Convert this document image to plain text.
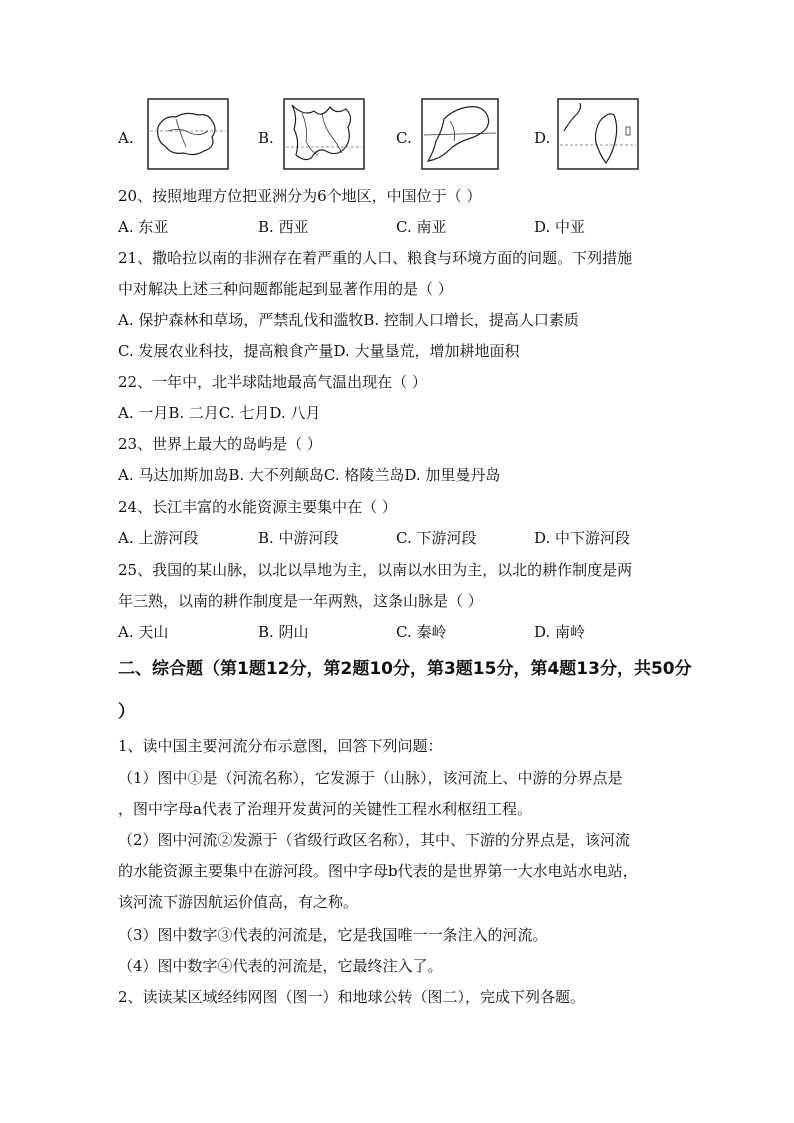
A.	B.	C.	D.
20、按照地理方位把亚洲分为6个地区，中国位于（ ）
A. 东亚	B. 西亚	C. 南亚	D. 中亚
21、撒哈拉以南的非洲存在着严重的人口、粮食与环境方面的问题。下列措施
中对解决上述三种问题都能起到显著作用的是（ ）
A. 保护森林和草场，严禁乱伐和滥牧B. 控制人口增长，提高人口素质
C. 发展农业科技，提高粮食产量D. 大量垦荒，增加耕地面积
22、一年中，北半球陆地最高气温出现在（ ）
A. 一月B. 二月C. 七月D. 八月
23、世界上最大的岛屿是（ ）
A. 马达加斯加岛B. 大不列颠岛C. 格陵兰岛D. 加里曼丹岛
24、长江丰富的水能资源主要集中在（ ）
A. 上游河段	B. 中游河段	C. 下游河段	D. 中下游河段
25、我国的某山脉，以北以旱地为主，以南以水田为主，以北的耕作制度是两
年三熟，以南的耕作制度是一年两熟，这条山脉是（ ）
A. 天山	B. 阴山	C. 秦岭	D. 南岭
二、综合题（第1题12分，第2题10分，第3题15分，第4题13分，共50分
）
1、读中国主要河流分布示意图，回答下列问题：
（1）图中①是（河流名称），它发源于（山脉），该河流上、中游的分界点是
，图中字母a代表了治理开发黄河的关键性工程水利枢纽工程。
（2）图中河流②发源于（省级行政区名称），其中、下游的分界点是，该河流
的水能资源主要集中在游河段。图中字母b代表的是世界第一大水电站水电站，
该河流下游因航运价值高，有之称。
（3）图中数字③代表的河流是，它是我国唯一一条注入的河流。
（4）图中数字④代表的河流是，它最终注入了。
2、读读某区域经纬网图（图一）和地球公转（图二），完成下列各题。
